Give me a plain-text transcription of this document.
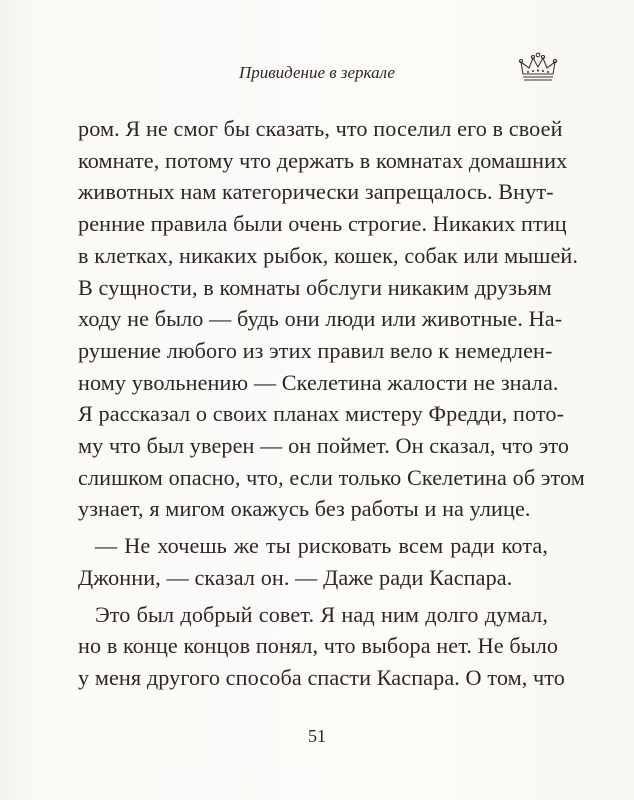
Привидение в зеркале
ром. Я не смог бы сказать, что поселил его в своей
комнате, потому что держать в комнатах домашних
животных нам категорически запрещалось. Внут-
ренние правила были очень строгие. Никаких птиц
в клетках, никаких рыбок, кошек, собак или мышей.
В сущности, в комнаты обслуги никаким друзьям
ходу не было — будь они люди или животные. На-
рушение любого из этих правил вело к немедлен-
ному увольнению — Скелетина жалости не знала.
Я рассказал о своих планах мистеру Фредди, пото-
му что был уверен — он поймет. Он сказал, что это
слишком опасно, что, если только Скелетина об этом
узнает, я мигом окажусь без работы и на улице.
— Не хочешь же ты рисковать всем ради кота,
Джонни, — сказал он. — Даже ради Каспара.
Это был добрый совет. Я над ним долго думал,
но в конце концов понял, что выбора нет. Не было
у меня другого способа спасти Каспара. О том, что
51
